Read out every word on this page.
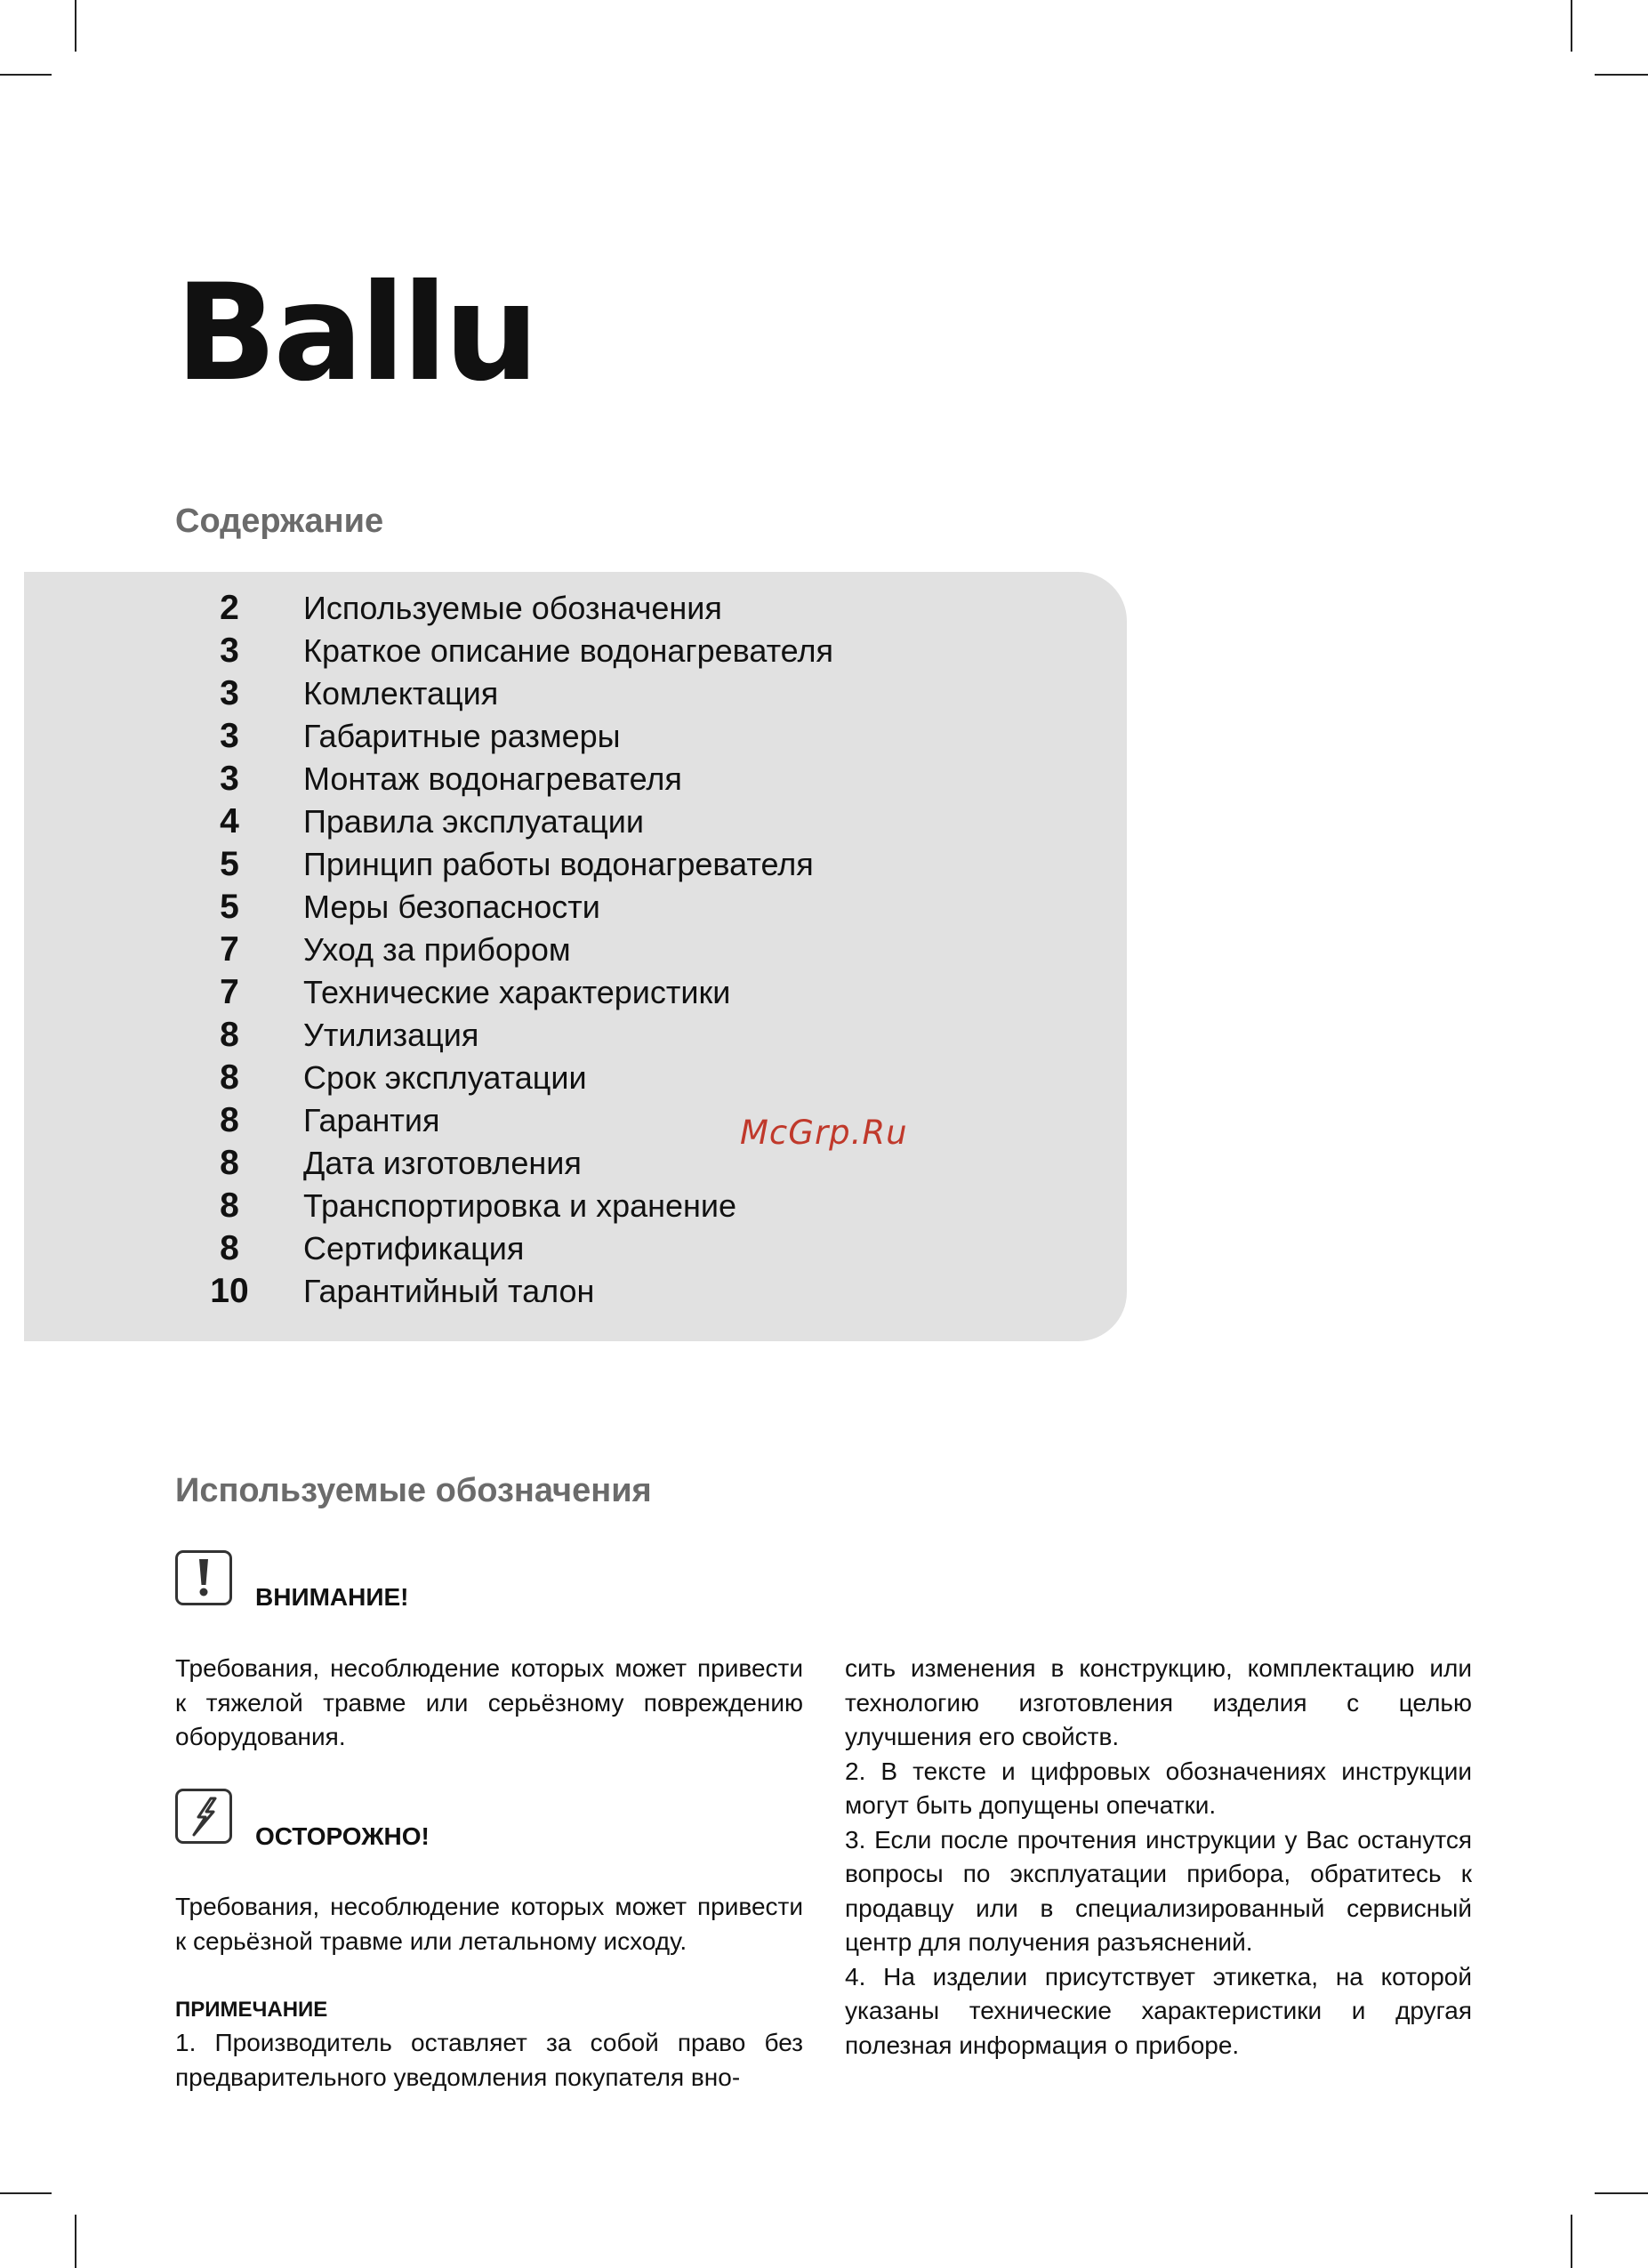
Ballu
Содержание
2	Используемые обозначения
3	Краткое описание водонагревателя
3	Комлектация
3	Габаритные размеры
3	Монтаж водонагревателя
4	Правила эксплуатации
5	Принцип работы водонагревателя
5	Меры безопасности
7	Уход за прибором
7	Технические характеристики
8	Утилизация
8	Срок эксплуатации
8	Гарантия
8	Дата изготовления
8	Транспортировка и хранение
8	Сертификация
10	Гарантийный талон
McGrp.Ru
Используемые обозначения
ВНИМАНИЕ!

Требования, несоблюдение которых может привести к тяжелой травме или серьёзному повреждению оборудования.

ОСТОРОЖНО!

Требования, несоблюдение которых может привести к серьёзной травме или летальному исходу.

ПРИМЕЧАНИЕ

1. Производитель оставляет за собой право без предварительного уведомления покупателя вно-

сить изменения в конструкцию, комплектацию или технологию изготовления изделия с целью улучшения его свойств.

2. В тексте и цифровых обозначениях инструкции могут быть допущены опечатки.

3. Если после прочтения инструкции у Вас останутся вопросы по эксплуатации прибора, обратитесь к продавцу или в специализированный сервисный центр для получения разъяснений.

4. На изделии присутствует этикетка, на которой указаны технические характеристики и другая полезная информация о приборе.
